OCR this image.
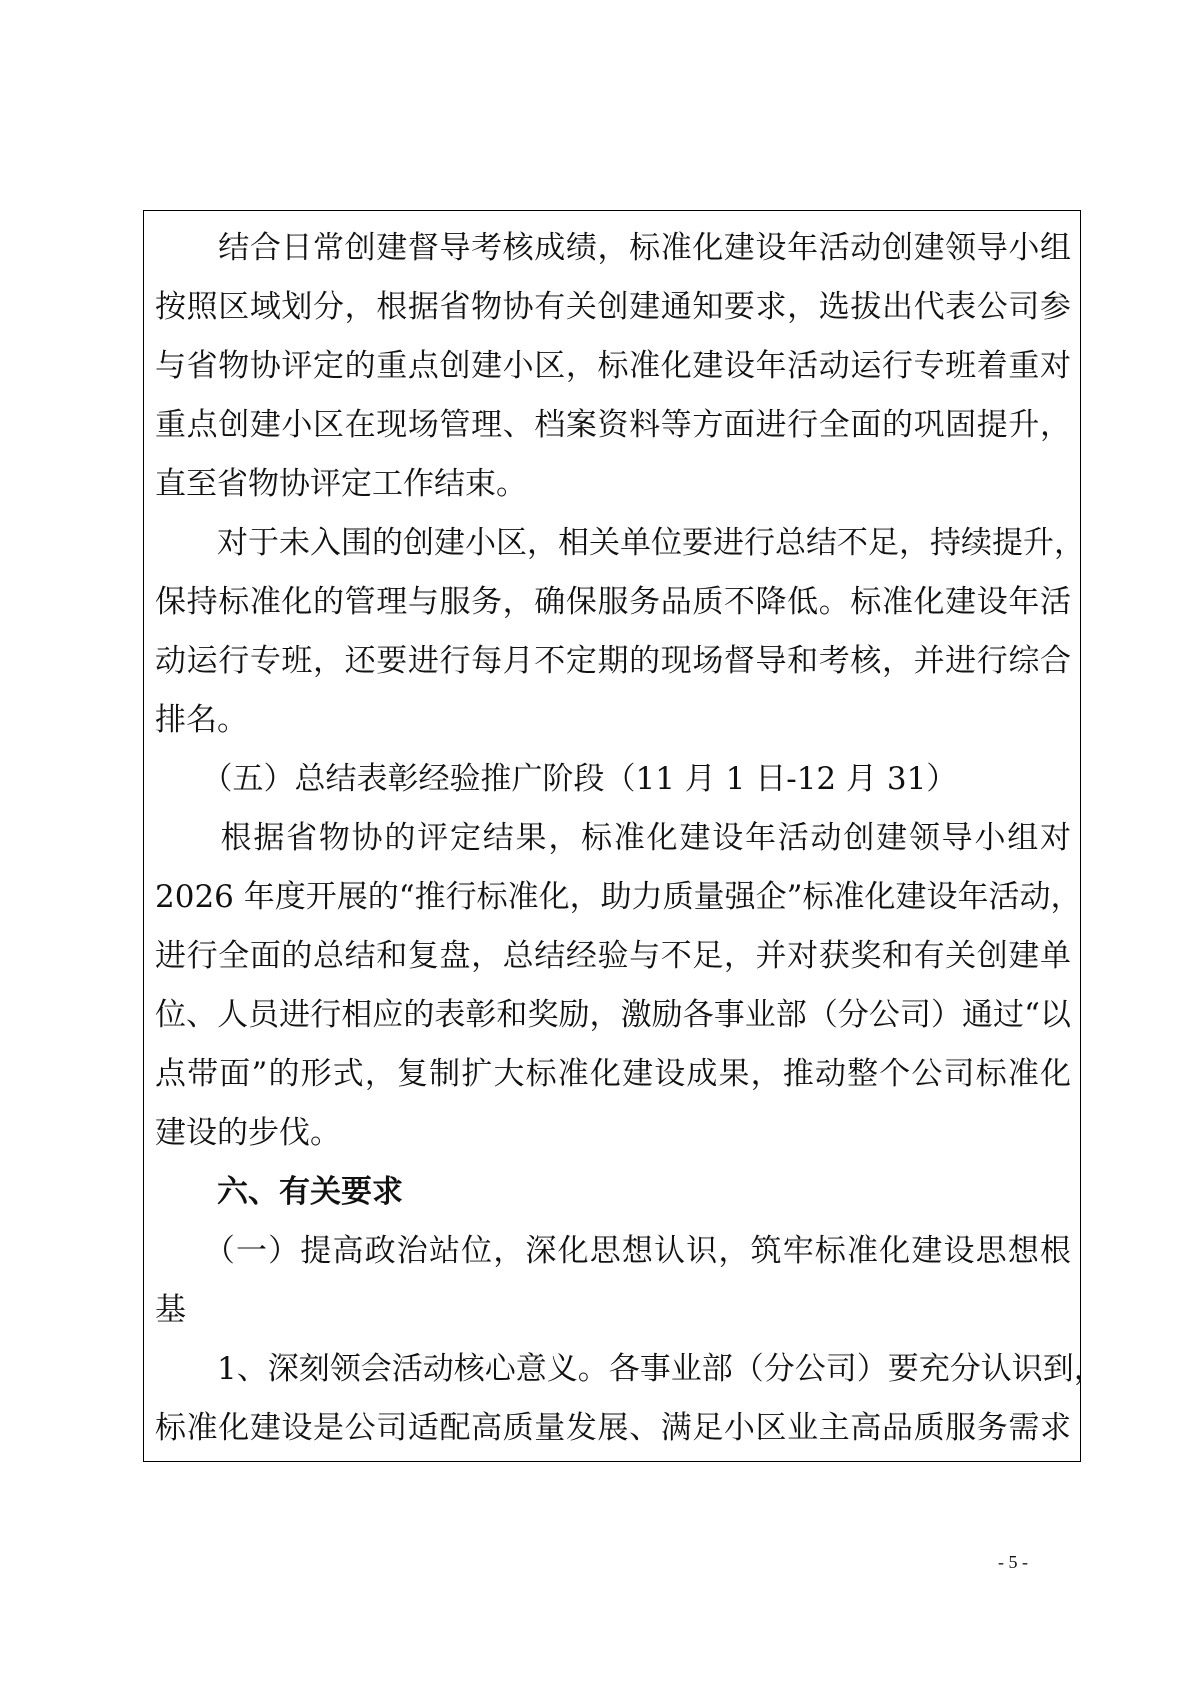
　　结合日常创建督导考核成绩，标准化建设年活动创建领导小组
按照区域划分，根据省物协有关创建通知要求，选拔出代表公司参
与省物协评定的重点创建小区，标准化建设年活动运行专班着重对
重点创建小区在现场管理、档案资料等方面进行全面的巩固提升，
直至省物协评定工作结束。
　　对于未入围的创建小区，相关单位要进行总结不足，持续提升，
保持标准化的管理与服务，确保服务品质不降低。标准化建设年活
动运行专班，还要进行每月不定期的现场督导和考核，并进行综合
排名。
　　（五）总结表彰经验推广阶段（11 月 1 日-12 月 31）
　　根据省物协的评定结果，标准化建设年活动创建领导小组对
2026 年度开展的“推行标准化，助力质量强企”标准化建设年活动，
进行全面的总结和复盘，总结经验与不足，并对获奖和有关创建单
位、人员进行相应的表彰和奖励，激励各事业部（分公司）通过“以
点带面”的形式，复制扩大标准化建设成果，推动整个公司标准化
建设的步伐。
　　六、有关要求
　　（一）提高政治站位，深化思想认识，筑牢标准化建设思想根
基
　　1、深刻领会活动核心意义。各事业部（分公司）要充分认识到，
标准化建设是公司适配高质量发展、满足小区业主高品质服务需求
- 5 -
